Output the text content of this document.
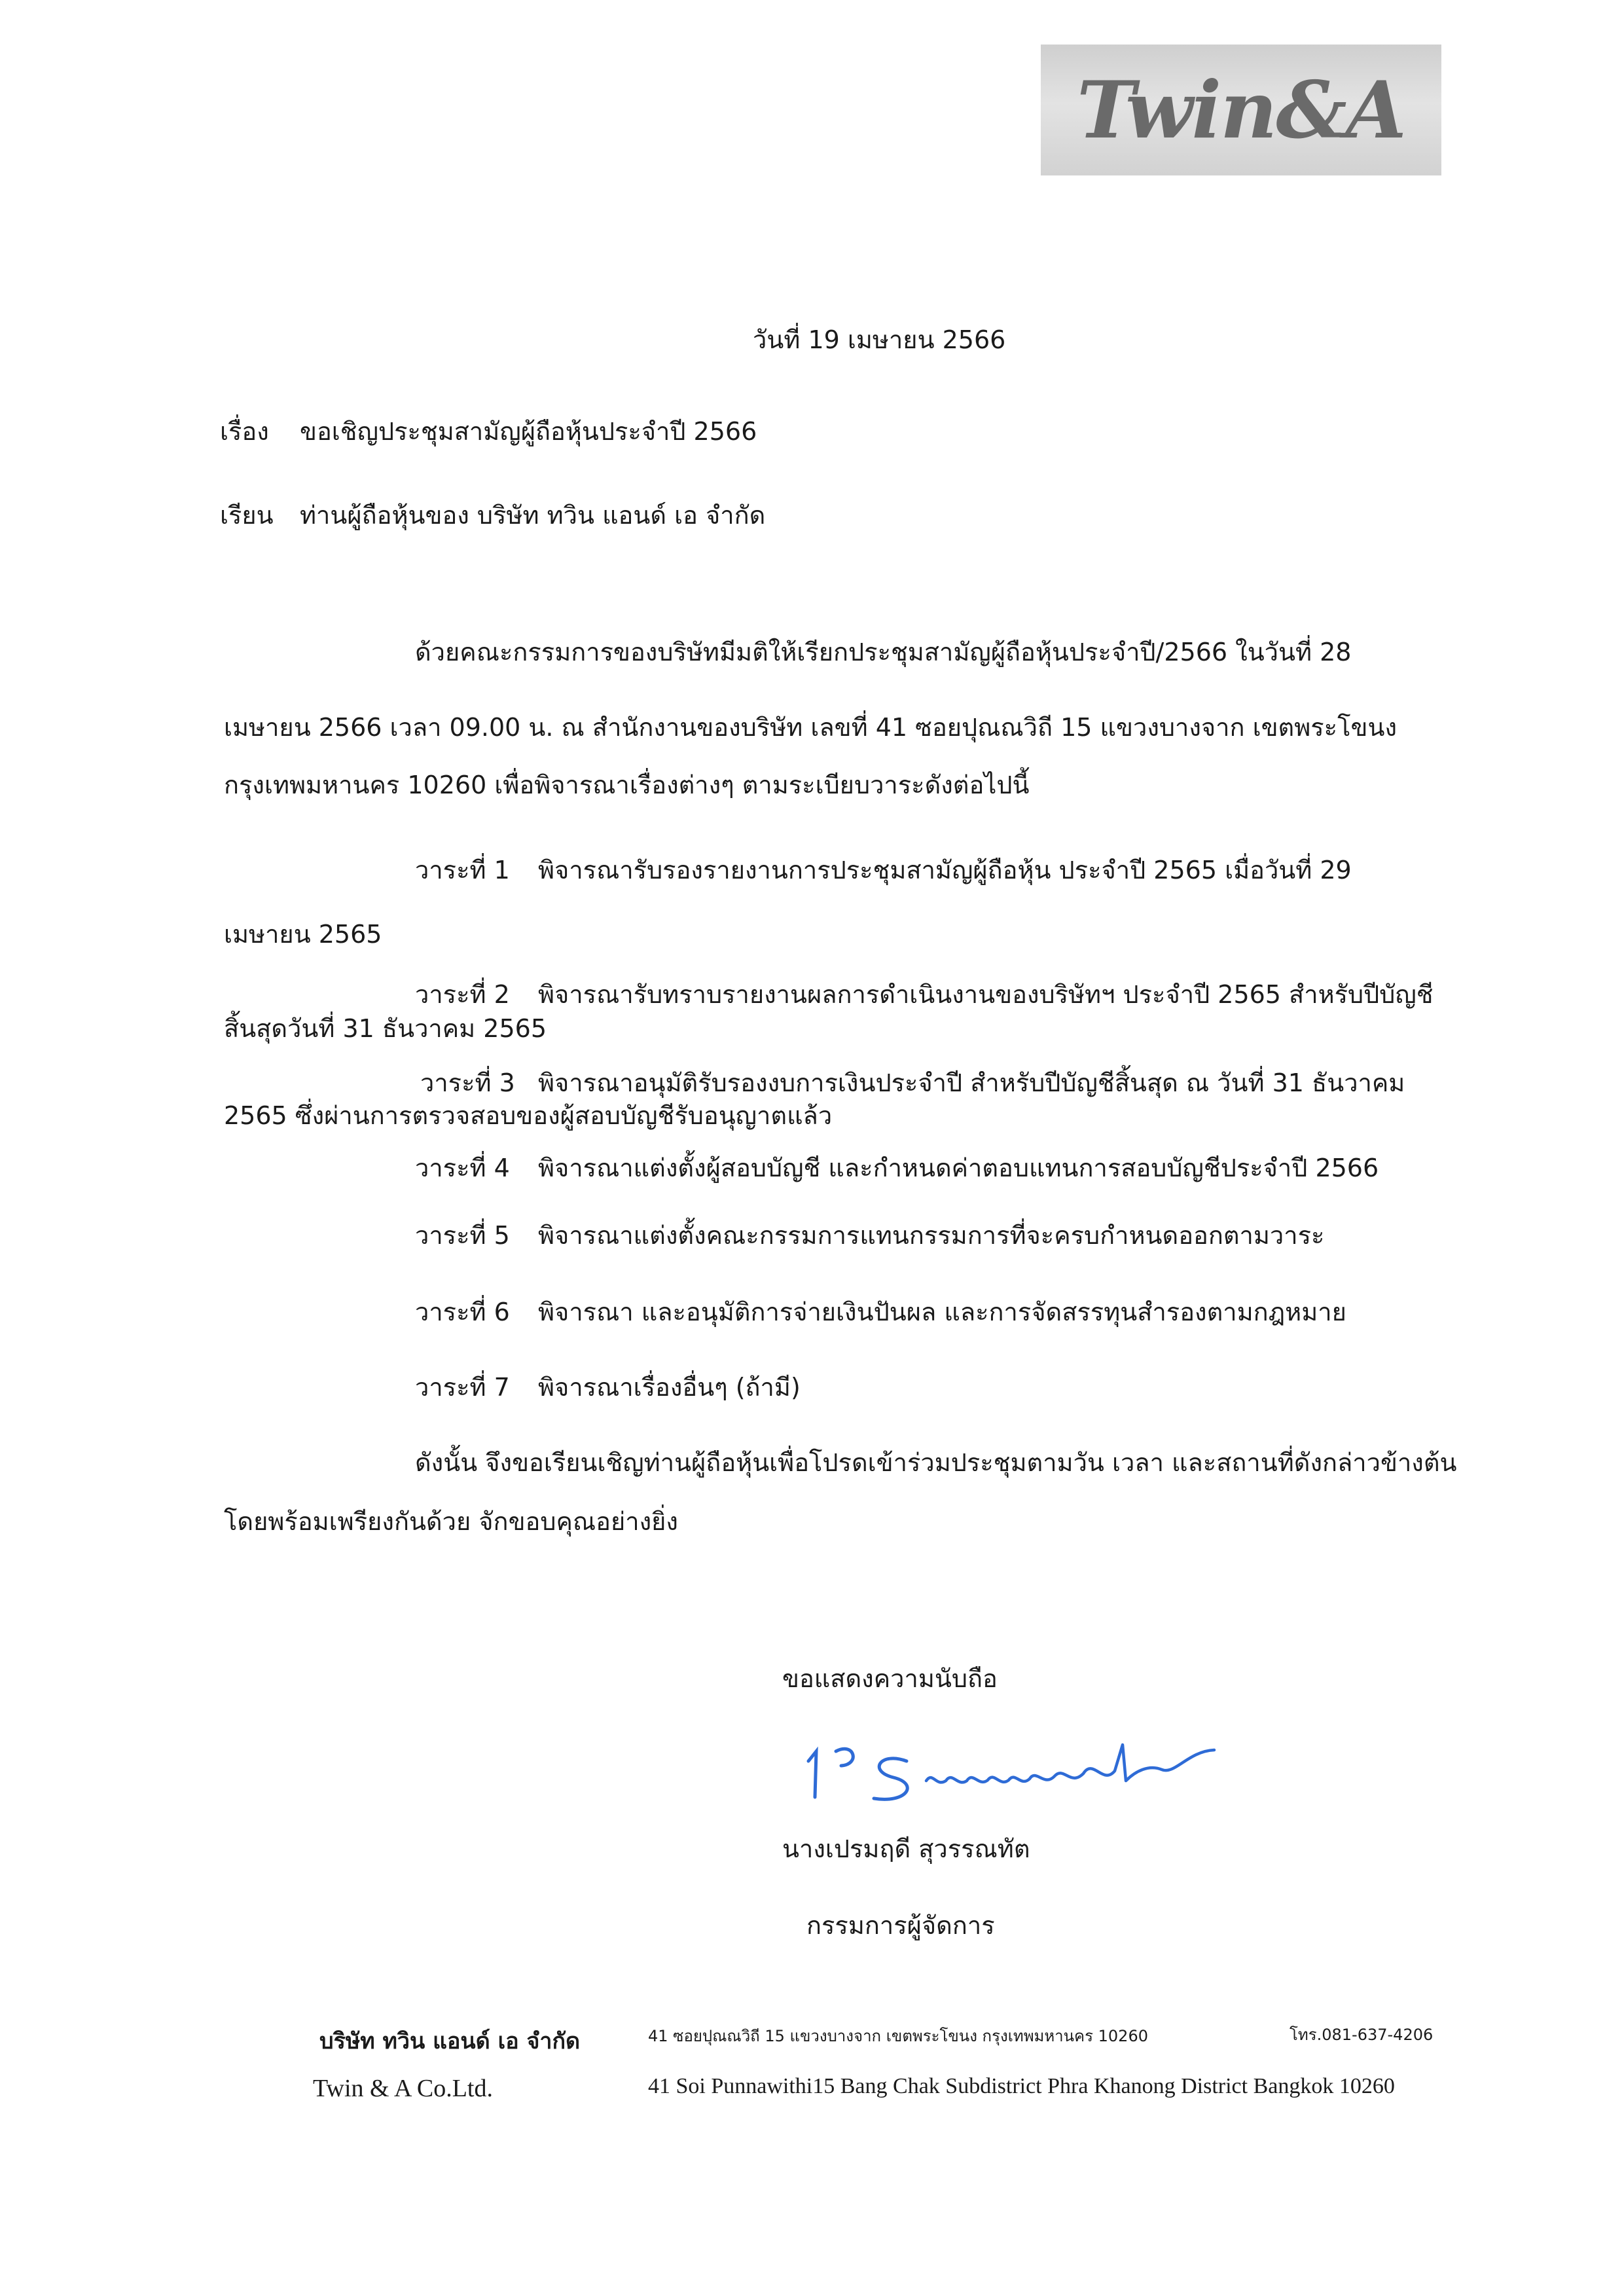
Twin&A
วันที่ 19 เมษายน 2566
เรื่อง ขอเชิญประชุมสามัญผู้ถือหุ้นประจำปี 2566
เรียน ท่านผู้ถือหุ้นของ บริษัท ทวิน แอนด์ เอ จำกัด
ด้วยคณะกรรมการของบริษัทมีมติให้เรียกประชุมสามัญผู้ถือหุ้นประจำปี/2566 ในวันที่ 28
เมษายน 2566 เวลา 09.00 น. ณ สำนักงานของบริษัท เลขที่ 41 ซอยปุณณวิถี 15 แขวงบางจาก เขตพระโขนง
กรุงเทพมหานคร 10260 เพื่อพิจารณาเรื่องต่างๆ ตามระเบียบวาระดังต่อไปนี้
วาระที่ 1 พิจารณารับรองรายงานการประชุมสามัญผู้ถือหุ้น ประจำปี 2565 เมื่อวันที่ 29
เมษายน 2565
วาระที่ 2 พิจารณารับทราบรายงานผลการดำเนินงานของบริษัทฯ ประจำปี 2565 สำหรับปีบัญชี
สิ้นสุดวันที่ 31 ธันวาคม 2565
วาระที่ 3 พิจารณาอนุมัติรับรองงบการเงินประจำปี สำหรับปีบัญชีสิ้นสุด ณ วันที่ 31 ธันวาคม
2565 ซึ่งผ่านการตรวจสอบของผู้สอบบัญชีรับอนุญาตแล้ว
วาระที่ 4 พิจารณาแต่งตั้งผู้สอบบัญชี และกำหนดค่าตอบแทนการสอบบัญชีประจำปี 2566
วาระที่ 5 พิจารณาแต่งตั้งคณะกรรมการแทนกรรมการที่จะครบกำหนดออกตามวาระ
วาระที่ 6 พิจารณา และอนุมัติการจ่ายเงินปันผล และการจัดสรรทุนสำรองตามกฎหมาย
วาระที่ 7 พิจารณาเรื่องอื่นๆ (ถ้ามี)
ดังนั้น จึงขอเรียนเชิญท่านผู้ถือหุ้นเพื่อโปรดเข้าร่วมประชุมตามวัน เวลา และสถานที่ดังกล่าวข้างต้น
โดยพร้อมเพรียงกันด้วย จักขอบคุณอย่างยิ่ง
ขอแสดงความนับถือ
นางเปรมฤดี สุวรรณทัต
กรรมการผู้จัดการ
บริษัท ทวิน แอนด์ เอ จำกัด
Twin & A Co.Ltd.
41 ซอยปุณณวิถี 15 แขวงบางจาก เขตพระโขนง กรุงเทพมหานคร 10260	โทร.081-637-4206
41 Soi Punnawithi15 Bang Chak Subdistrict Phra Khanong District Bangkok 10260
